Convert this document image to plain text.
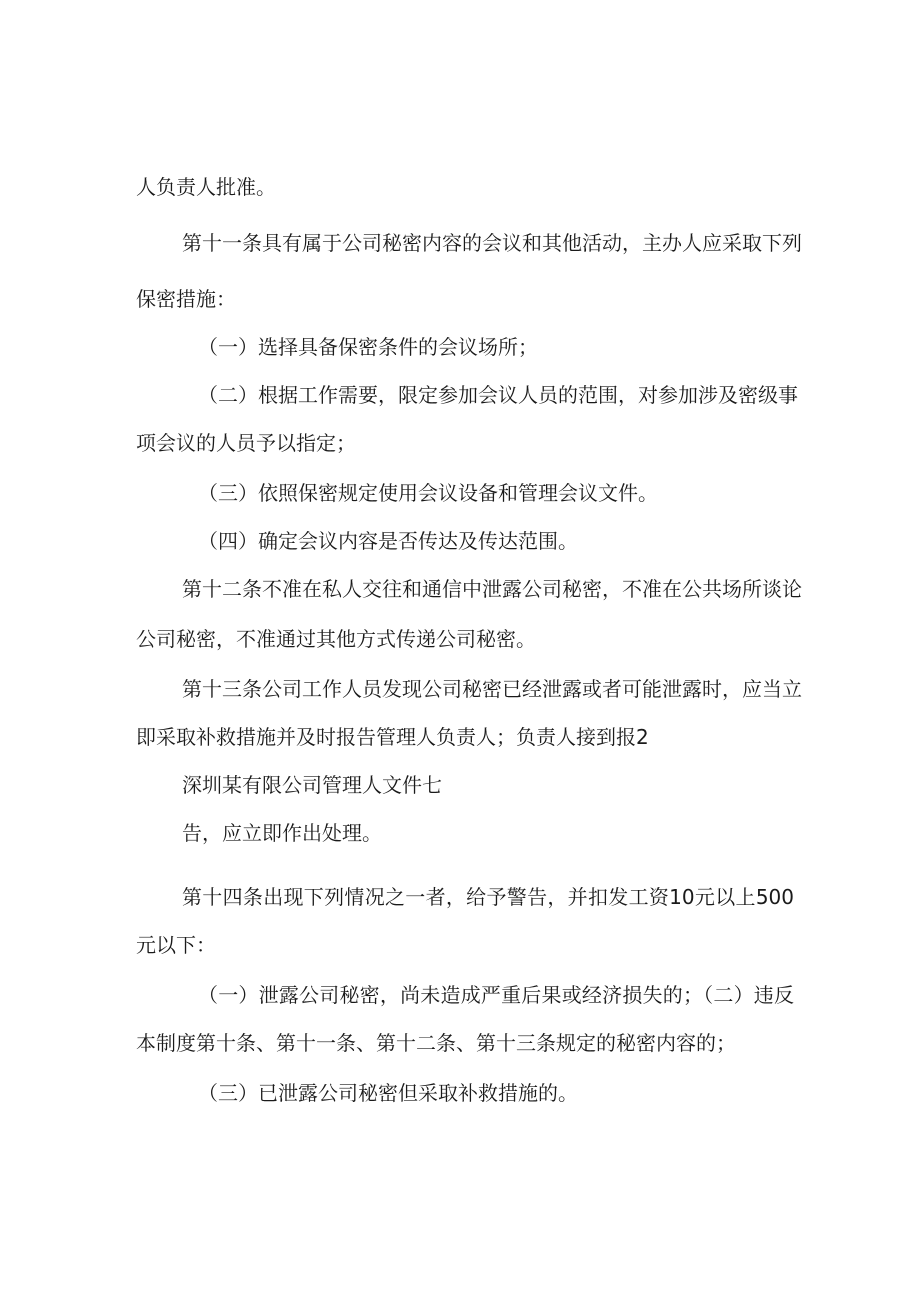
人负责人批准。
第十一条具有属于公司秘密内容的会议和其他活动，主办人应采取下列
保密措施：
（一）选择具备保密条件的会议场所；
（二）根据工作需要，限定参加会议人员的范围，对参加涉及密级事
项会议的人员予以指定；
（三）依照保密规定使用会议设备和管理会议文件。
（四）确定会议内容是否传达及传达范围。
第十二条不准在私人交往和通信中泄露公司秘密，不准在公共场所谈论
公司秘密，不准通过其他方式传递公司秘密。
第十三条公司工作人员发现公司秘密已经泄露或者可能泄露时，应当立
即采取补救措施并及时报告管理人负责人；负责人接到报2
深圳某有限公司管理人文件七
告，应立即作出处理。
第十四条出现下列情况之一者，给予警告，并扣发工资10元以上500
元以下：
（一）泄露公司秘密，尚未造成严重后果或经济损失的；（二）违反
本制度第十条、第十一条、第十二条、第十三条规定的秘密内容的；
（三）已泄露公司秘密但采取补救措施的。
